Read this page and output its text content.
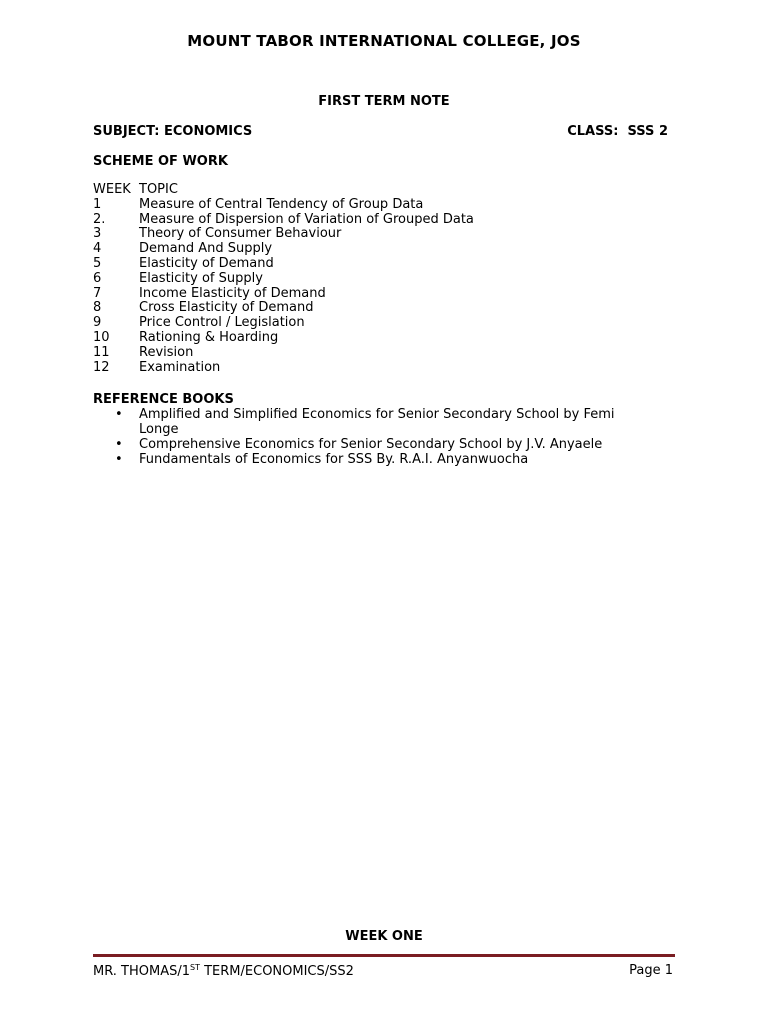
MOUNT TABOR INTERNATIONAL COLLEGE, JOS
FIRST TERM NOTE
SUBJECT: ECONOMICS	CLASS:  SSS 2
SCHEME OF WORK
WEEK TOPIC
1	Measure of Central Tendency of Group Data
2.	Measure of Dispersion of Variation of Grouped Data
3	Theory of Consumer Behaviour
4	Demand And Supply
5	Elasticity of Demand
6	Elasticity of Supply
7	Income Elasticity of Demand
8	Cross Elasticity of Demand
9	Price Control / Legislation
10 Rationing & Hoarding
11 Revision
12 Examination
REFERENCE BOOKS
• Amplified and Simplified Economics for Senior Secondary School by Femi Longe
• Comprehensive Economics for Senior Secondary School by J.V. Anyaele
• Fundamentals of Economics for SSS By. R.A.I. Anyanwuocha
WEEK ONE
MR. THOMAS/1ST TERM/ECONOMICS/SS2	Page 1
